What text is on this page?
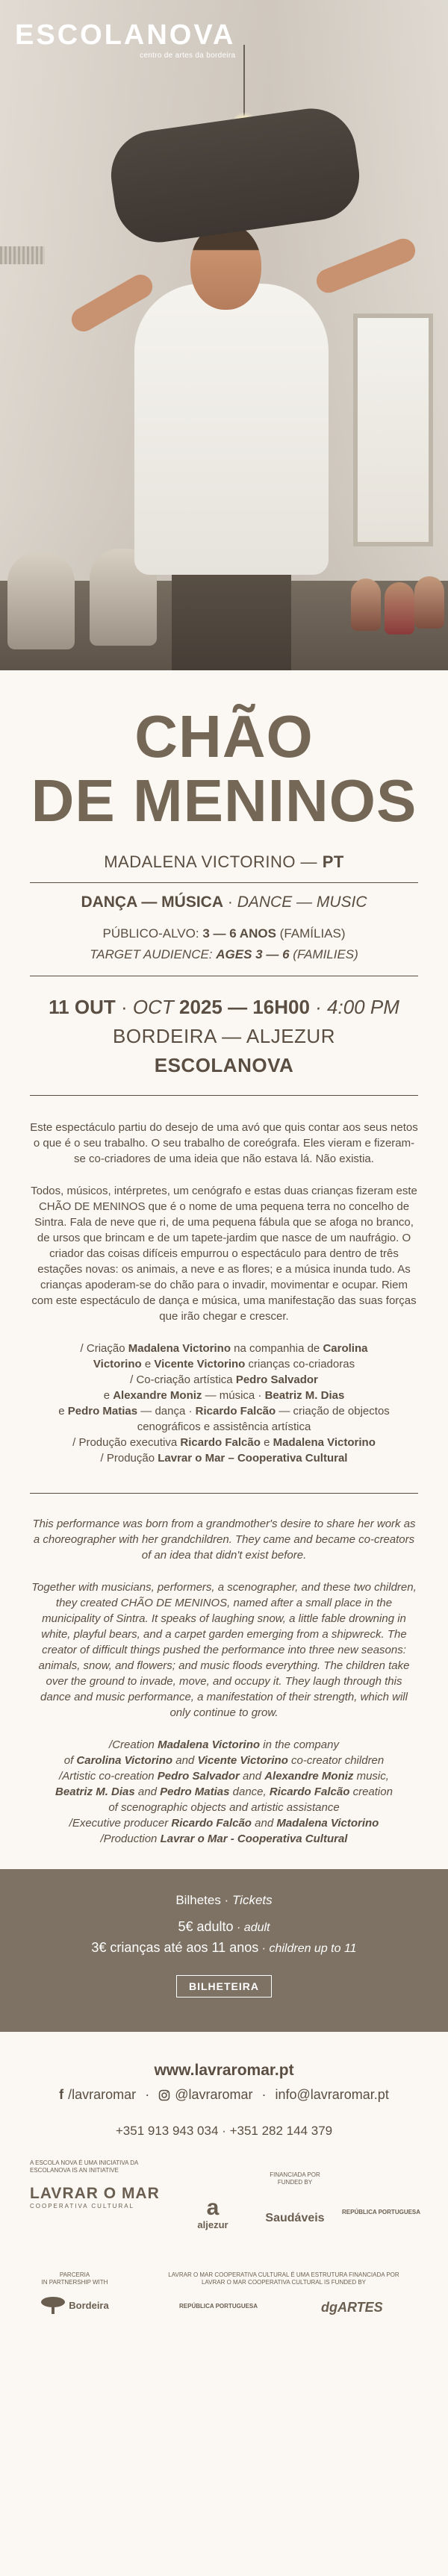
ESCOLANOVA
centro de artes da bordeira
CHÃO
DE MENINOS
MADALENA VICTORINO — PT
DANÇA — MÚSICA · DANCE — MUSIC
PÚBLICO-ALVO: 3 — 6 ANOS (FAMÍLIAS)
TARGET AUDIENCE: AGES 3 — 6 (FAMILIES)
11 OUT · OCT 2025 — 16H00 · 4:00 PM
BORDEIRA — ALJEZUR
ESCOLANOVA

Este espectáculo partiu do desejo de uma avó que quis contar aos seus netos o que é o seu trabalho. O seu trabalho de coreógrafa. Eles vieram e fizeram-se co-criadores de uma ideia que não estava lá. Não existia.

Todos, músicos, intérpretes, um cenógrafo e estas duas crianças fizeram este CHÃO DE MENINOS que é o nome de uma pequena terra no concelho de Sintra. Fala de neve que ri, de uma pequena fábula que se afoga no branco, de ursos que brincam e de um tapete-jardim que nasce de um naufrágio. O criador das coisas difíceis empurrou o espectáculo para dentro de três estações novas: os animais, a neve e as flores; e a música inunda tudo. As crianças apoderam-se do chão para o invadir, movimentar e ocupar. Riem com este espectáculo de dança e música, uma manifestação das suas forças que irão chegar e crescer.

/ Criação Madalena Victorino na companhia de Carolina

Victorino e Vicente Victorino crianças co-criadoras

/ Co-criação artística Pedro Salvador

e Alexandre Moniz — música · Beatriz M. Dias

e Pedro Matias — dança · Ricardo Falcão — criação de objectos

cenográficos e assistência artística

/ Produção executiva Ricardo Falcão e Madalena Victorino

/ Produção Lavrar o Mar – Cooperativa Cultural

This performance was born from a grandmother's desire to share her work as a choreographer with her grandchildren. They came and became co-creators of an idea that didn't exist before.

Together with musicians, performers, a scenographer, and these two children, they created CHÃO DE MENINOS, named after a small place in the municipality of Sintra. It speaks of laughing snow, a little fable drowning in white, playful bears, and a carpet garden emerging from a shipwreck. The creator of difficult things pushed the performance into three new seasons: animals, snow, and flowers; and music floods everything. The children take over the ground to invade, move, and occupy it. They laugh through this dance and music performance, a manifestation of their strength, which will only continue to grow.

/Creation Madalena Victorino in the company

of Carolina Victorino and Vicente Victorino co-creator children

/Artistic co-creation Pedro Salvador and Alexandre Moniz music,

Beatriz M. Dias and Pedro Matias dance, Ricardo Falcão creation

of scenographic objects and artistic assistance

/Executive producer Ricardo Falcão and Madalena Victorino

/Production Lavrar o Mar - Cooperativa Cultural

Bilhetes · Tickets
5€ adulto · adult
3€ crianças até aos 11 anos · children up to 11
BILHETEIRA
www.lavraromar.pt
f /lavraromar · @lavraromar · info@lavraromar.pt
+351 913 943 034 · +351 282 144 379
A ESCOLA NOVA É UMA INICIATIVA DA
ESCOLANOVA IS AN INITIATIVE
LAVRAR O MAR
COOPERATIVA CULTURAL
FINANCIADA POR
FUNDED BY
a
aljezur
Saudáveis	REPÚBLICA PORTUGUESA
PARCERIA
IN PARTNERSHIP WITH
Bordeira
LAVRAR O MAR COOPERATIVA CULTURAL É UMA ESTRUTURA FINANCIADA POR
LAVRAR O MAR COOPERATIVA CULTURAL IS FUNDED BY
REPÚBLICA PORTUGUESA	dgARTES
